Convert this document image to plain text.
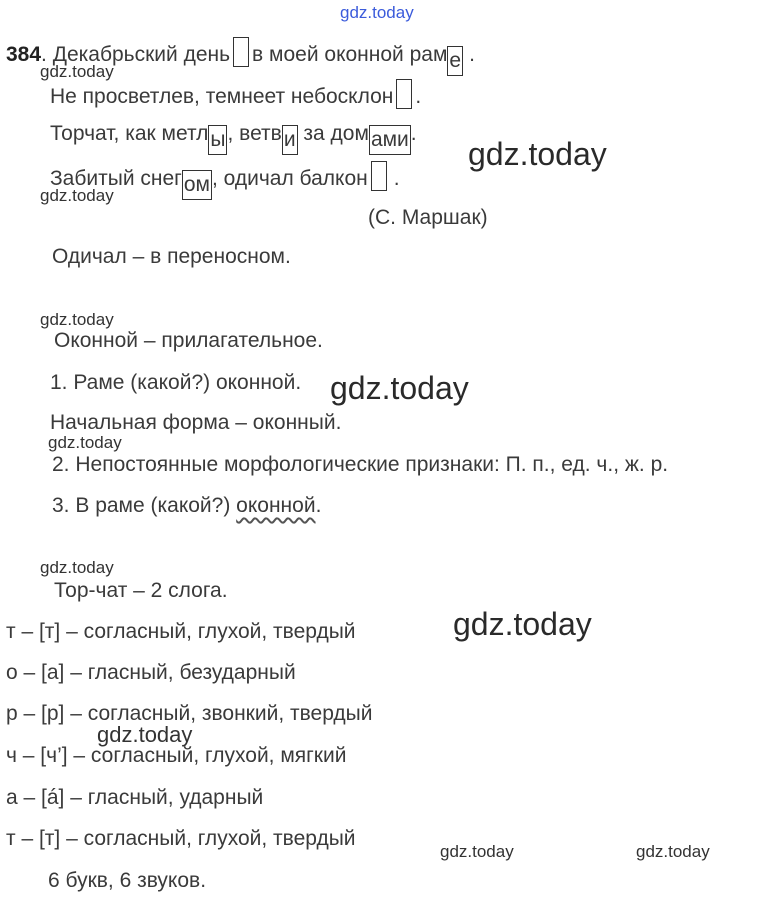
gdz.today
gdz.today
gdz.today
gdz.today
gdz.today
gdz.today
gdz.today
gdz.today
gdz.today
gdz.today
gdz.today	gdz.today
384. Декабрьский день в моей оконной раме .
Не просветлев, темнеет небосклон .
Торчат, как метлы, ветви за домами.
Забитый снегом, одичал балкон .
(С. Маршак)
Одичал – в переносном.
Оконной – прилагательное.
1. Раме (какой?) оконной.
Начальная форма – оконный.
2. Непостоянные морфологические признаки: П. п., ед. ч., ж. р.
3. В раме (какой?) оконной.
Тор-чат – 2 слога.
т – [т] – согласный, глухой, твердый
о – [а] – гласный, безударный
р – [р] – согласный, звонкий, твердый
ч – [ч’] – согласный, глухой, мягкий
а – [á] – гласный, ударный
т – [т] – согласный, глухой, твердый
6 букв, 6 звуков.
